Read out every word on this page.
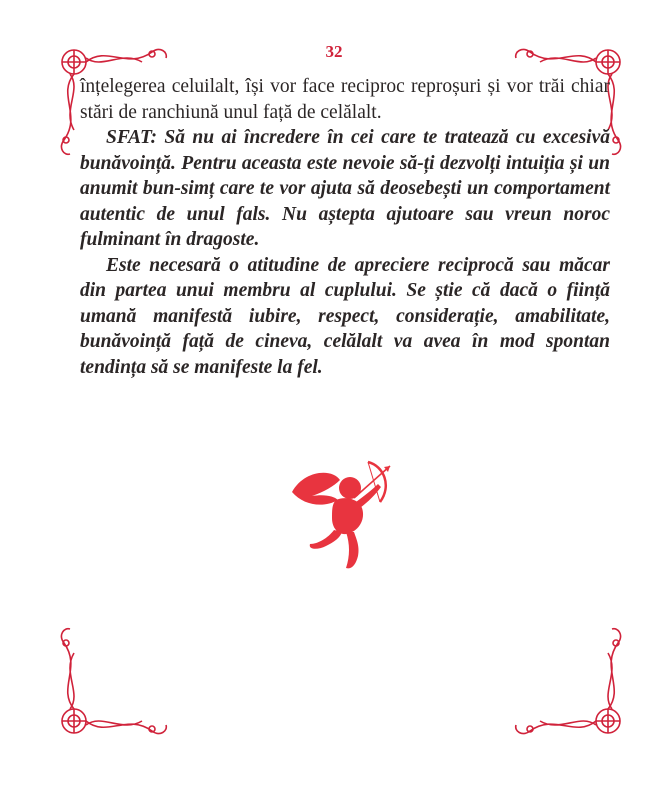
32

înțelegerea celuilalt, își vor face reciproc reproșuri și vor trăi chiar stări de ranchiună unul față de celălalt.

SFAT: Să nu ai încredere în cei care te tratează cu excesivă bunăvoință. Pentru aceasta este nevoie să-ți dezvolți intuiția și un anumit bun-simț care te vor ajuta să deosebești un comportament autentic de unul fals. Nu aștepta ajutoare sau vreun noroc fulminant în dragoste.

Este necesară o atitudine de apreciere reciprocă sau măcar din partea unui membru al cuplului. Se știe că dacă o ființă umană manifestă iubire, respect, considerație, amabilitate, bunăvoință față de cineva, celălalt va avea în mod spontan tendința să se manifeste la fel.
